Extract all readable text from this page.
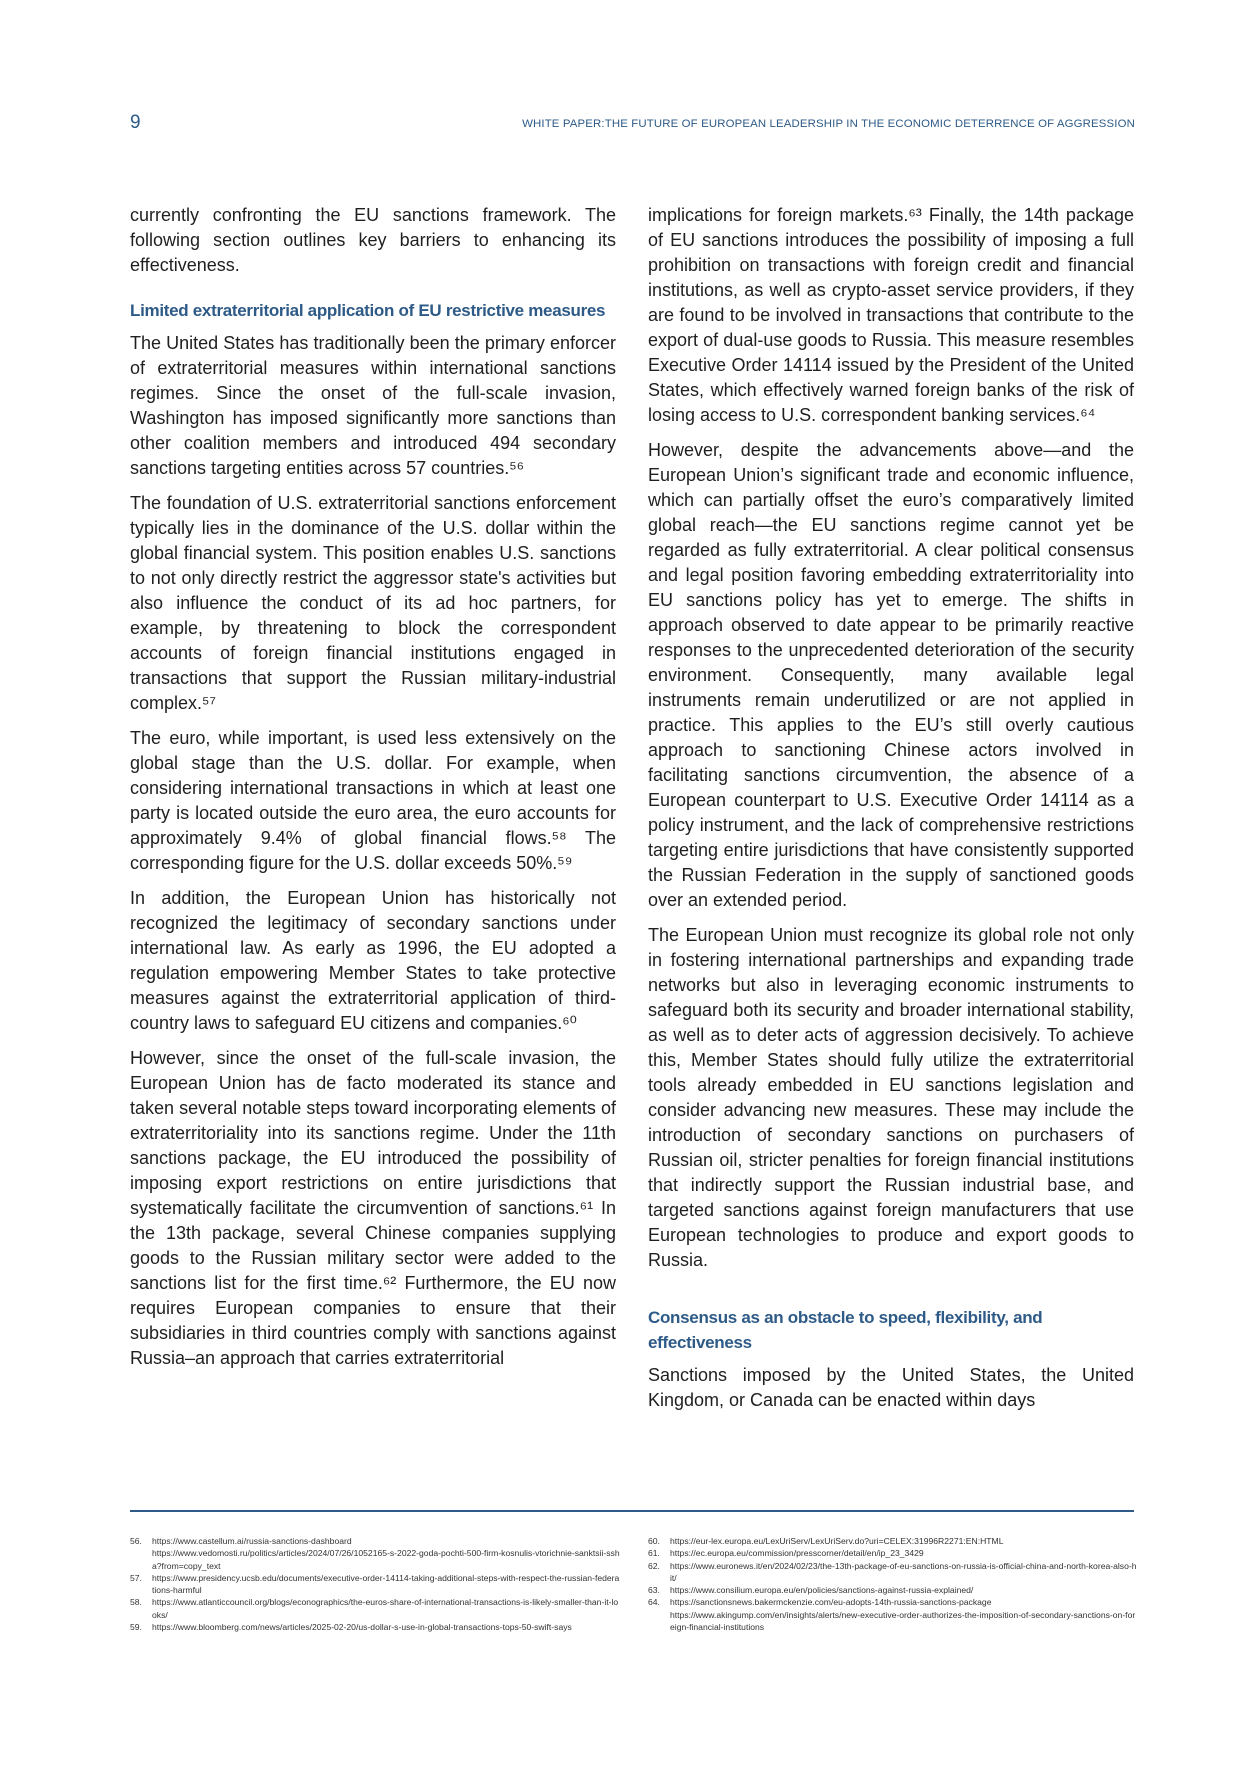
9	WHITE PAPER:THE FUTURE OF EUROPEAN LEADERSHIP IN THE ECONOMIC DETERRENCE OF AGGRESSION

currently confronting the EU sanctions framework. The following section outlines key barriers to enhancing its effectiveness.

Limited extraterritorial application of EU restrictive measures

The United States has traditionally been the primary enforcer of extraterritorial measures within international sanctions regimes. Since the onset of the full-scale invasion, Washington has imposed significantly more sanctions than other coalition members and introduced 494 secondary sanctions targeting entities across 57 countries.⁵⁶

The foundation of U.S. extraterritorial sanctions enforcement typically lies in the dominance of the U.S. dollar within the global financial system. This position enables U.S. sanctions to not only directly restrict the aggressor state's activities but also influence the conduct of its ad hoc partners, for example, by threatening to block the correspondent accounts of foreign financial institutions engaged in transactions that support the Russian military-industrial complex.⁵⁷

The euro, while important, is used less extensively on the global stage than the U.S. dollar. For example, when considering international transactions in which at least one party is located outside the euro area, the euro accounts for approximately 9.4% of global financial flows.⁵⁸ The corresponding figure for the U.S. dollar exceeds 50%.⁵⁹

In addition, the European Union has historically not recognized the legitimacy of secondary sanctions under international law. As early as 1996, the EU adopted a regulation empowering Member States to take protective measures against the extraterritorial application of third-country laws to safeguard EU citizens and companies.⁶⁰

However, since the onset of the full-scale invasion, the European Union has de facto moderated its stance and taken several notable steps toward incorporating elements of extraterritoriality into its sanctions regime. Under the 11th sanctions package, the EU introduced the possibility of imposing export restrictions on entire jurisdictions that systematically facilitate the circumvention of sanctions.⁶¹ In the 13th package, several Chinese companies supplying goods to the Russian military sector were added to the sanctions list for the first time.⁶² Furthermore, the EU now requires European companies to ensure that their subsidiaries in third countries comply with sanctions against Russia–an approach that carries extraterritorial

implications for foreign markets.⁶³ Finally, the 14th package of EU sanctions introduces the possibility of imposing a full prohibition on transactions with foreign credit and financial institutions, as well as crypto-asset service providers, if they are found to be involved in transactions that contribute to the export of dual-use goods to Russia. This measure resembles Executive Order 14114 issued by the President of the United States, which effectively warned foreign banks of the risk of losing access to U.S. correspondent banking services.⁶⁴

However, despite the advancements above—and the European Union’s significant trade and economic influence, which can partially offset the euro’s comparatively limited global reach—the EU sanctions regime cannot yet be regarded as fully extraterritorial. A clear political consensus and legal position favoring embedding extraterritoriality into EU sanctions policy has yet to emerge. The shifts in approach observed to date appear to be primarily reactive responses to the unprecedented deterioration of the security environment. Consequently, many available legal instruments remain underutilized or are not applied in practice. This applies to the EU’s still overly cautious approach to sanctioning Chinese actors involved in facilitating sanctions circumvention, the absence of a European counterpart to U.S. Executive Order 14114 as a policy instrument, and the lack of comprehensive restrictions targeting entire jurisdictions that have consistently supported the Russian Federation in the supply of sanctioned goods over an extended period.

The European Union must recognize its global role not only in fostering international partnerships and expanding trade networks but also in leveraging economic instruments to safeguard both its security and broader international stability, as well as to deter acts of aggression decisively. To achieve this, Member States should fully utilize the extraterritorial tools already embedded in EU sanctions legislation and consider advancing new measures. These may include the introduction of secondary sanctions on purchasers of Russian oil, stricter penalties for foreign financial institutions that indirectly support the Russian industrial base, and targeted sanctions against foreign manufacturers that use European technologies to produce and export goods to Russia.

Consensus as an obstacle to speed, flexibility, and effectiveness

Sanctions imposed by the United States, the United Kingdom, or Canada can be enacted within days

56.	https://www.castellum.ai/russia-sanctions-dashboard
https://www.vedomosti.ru/politics/articles/2024/07/26/1052165-s-2022-goda-pochti-500-firm-kosnulis-vtorichnie-sanktsii-ssha?from=copy_text
57.	https://www.presidency.ucsb.edu/documents/executive-order-14114-taking-additional-steps-with-respect-the-russian-federations-harmful
58.	https://www.atlanticcouncil.org/blogs/econographics/the-euros-share-of-international-transactions-is-likely-smaller-than-it-looks/
59.	https://www.bloomberg.com/news/articles/2025-02-20/us-dollar-s-use-in-global-transactions-tops-50-swift-says
60.	https://eur-lex.europa.eu/LexUriServ/LexUriServ.do?uri=CELEX:31996R2271:EN:HTML
61.	https://ec.europa.eu/commission/presscorner/detail/en/ip_23_3429
62.	https://www.euronews.it/en/2024/02/23/the-13th-package-of-eu-sanctions-on-russia-is-official-china-and-north-korea-also-hit/
63.	https://www.consilium.europa.eu/en/policies/sanctions-against-russia-explained/
64.	https://sanctionsnews.bakermckenzie.com/eu-adopts-14th-russia-sanctions-package
https://www.akingump.com/en/insights/alerts/new-executive-order-authorizes-the-imposition-of-secondary-sanctions-on-foreign-financial-institutions
